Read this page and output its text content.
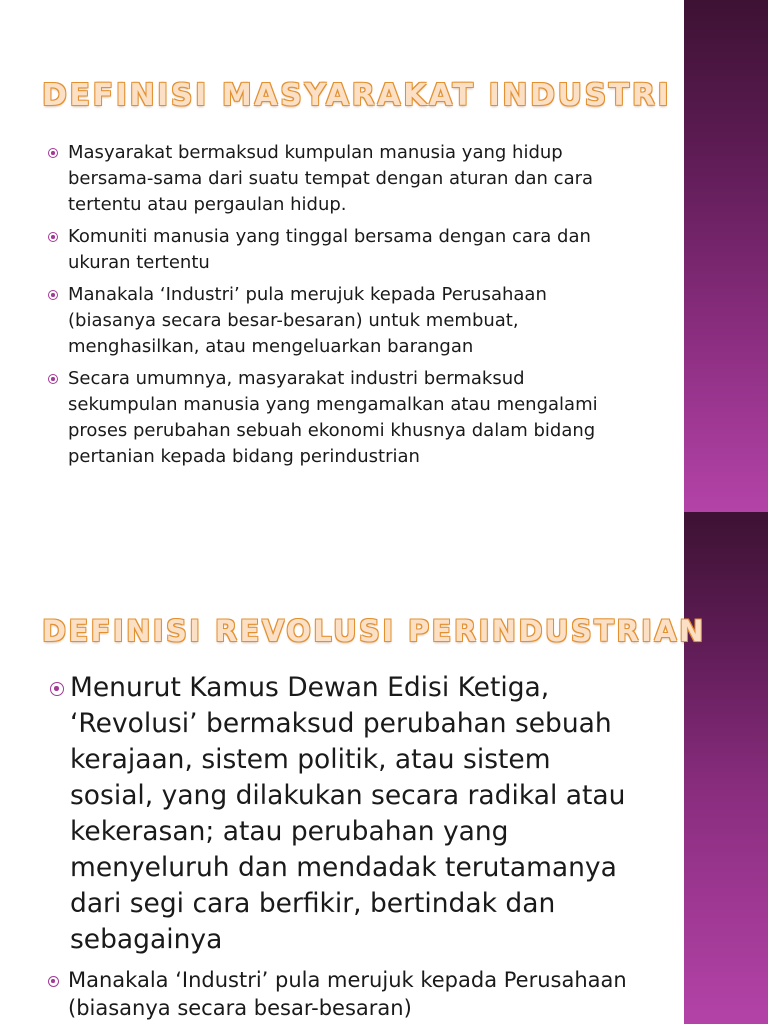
DEFINISI MASYARAKAT INDUSTRI
Masyarakat bermaksud kumpulan manusia yang hidup bersama-sama dari suatu tempat dengan aturan dan cara tertentu atau pergaulan hidup.
Komuniti manusia yang tinggal bersama dengan cara dan ukuran tertentu
Manakala ‘Industri’ pula merujuk kepada Perusahaan (biasanya secara besar-besaran) untuk membuat, menghasilkan, atau mengeluarkan barangan
Secara umumnya, masyarakat industri bermaksud sekumpulan manusia yang mengamalkan atau mengalami proses perubahan sebuah ekonomi khusnya dalam bidang pertanian kepada bidang perindustrian
DEFINISI REVOLUSI PERINDUSTRIAN
Menurut Kamus Dewan Edisi Ketiga, ‘Revolusi’ bermaksud perubahan sebuah kerajaan, sistem politik, atau sistem sosial, yang dilakukan secara radikal atau kekerasan; atau perubahan yang menyeluruh dan mendadak terutamanya dari segi cara berfikir, bertindak dan sebagainya
Manakala ‘Industri’ pula merujuk kepada Perusahaan (biasanya secara besar-besaran)
